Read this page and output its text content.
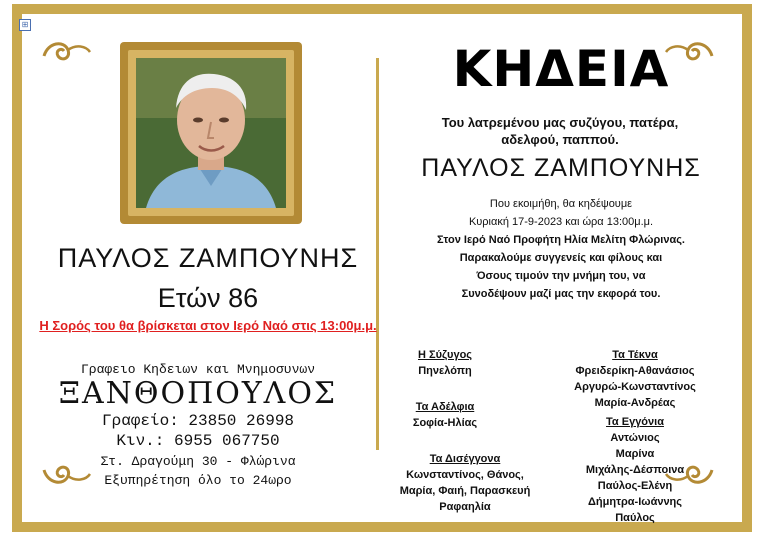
⊞
ΠΑΥΛΟΣ ΖΑΜΠΟΥΝΗΣ
Ετών 86
Η Σορός του θα βρίσκεται στον Ιερό Ναό στις 13:00μ.μ.
Γραφειο Κηδειων και Μνημοσυνων
ΞΑΝΘΟΠΟΥΛΟΣ
Γραφείο: 23850 26998
Κιν.: 6955 067750
Στ. Δραγούμη 30 - Φλώρινα
Εξυπηρέτηση όλο το 24ωρο
ΚΗΔΕΙΑ
Του λατρεμένου μας συζύγου, πατέρα,
αδελφού, παππού.
ΠΑΥΛΟΣ ΖΑΜΠΟΥΝΗΣ
Που εκοιμήθη, θα κηδέψουμε
Κυριακή 17-9-2023 και ώρα 13:00μ.μ.
Στον Ιερό Ναό Προφήτη Ηλία Μελίτη Φλώρινας.
Παρακαλούμε συγγενείς και φίλους και
Όσους τιμούν την μνήμη του, να
Συνοδέψουν μαζί μας την εκφορά του.
Η Σύζυγος
Πηνελόπη
Τα Αδέλφια
Σοφία-Ηλίας
Τα Δισέγγονα
Κωνσταντίνος, Θάνος,
Μαρία, Φαιή, Παρασκευή
Ραφαηλία
Τα Τέκνα
Φρειδερίκη-Αθανάσιος
Αργυρώ-Κωνσταντίνος
Μαρία-Ανδρέας
Τα Εγγόνια
Αντώνιος
Μαρίνα
Μιχάλης-Δέσποινα
Παύλος-Ελένη
Δήμητρα-Ιωάννης
Παύλος
